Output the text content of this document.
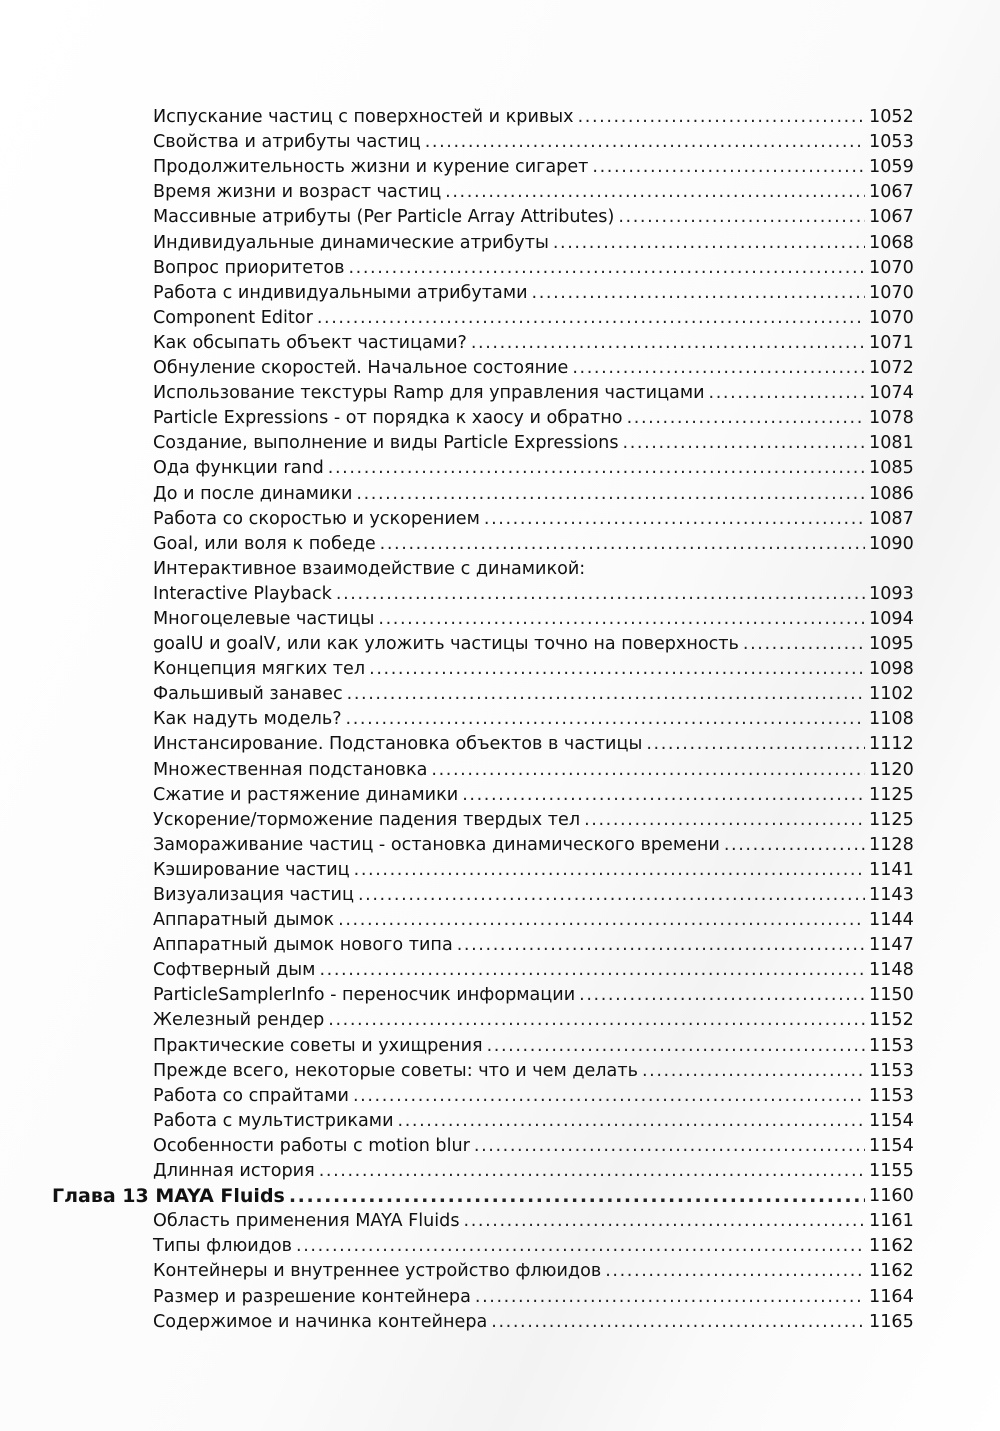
Испускание частиц с поверхностей и кривых .....	1052
Свойства и атрибуты частиц .....	1053
Продолжительность жизни и курение сигарет .....	1059
Время жизни и возраст частиц .....	1067
Массивные атрибуты (Per Particle Array Attributes) .....	1067
Индивидуальные динамические атрибуты .....	1068
Вопрос приоритетов .....	1070
Работа с индивидуальными атрибутами .....	1070
Component Editor .....	1070
Как обсыпать объект частицами? .....	1071
Обнуление скоростей. Начальное состояние .....	1072
Использование текстуры Ramp для управления частицами .....	1074
Particle Expressions - от порядка к хаосу и обратно .....	1078
Создание, выполнение и виды Particle Expressions .....	1081
Ода функции rand .....	1085
До и после динамики .....	1086
Работа со скоростью и ускорением .....	1087
Goal, или воля к победе .....	1090
Интерактивное взаимодействие с динамикой:
Interactive Playback .....	1093
Многоцелевые частицы .....	1094
goalU и goalV, или как уложить частицы точно на поверхность .....	1095
Концепция мягких тел .....	1098
Фальшивый занавес .....	1102
Как надуть модель? .....	1108
Инстансирование. Подстановка объектов в частицы .....	1112
Множественная подстановка .....	1120
Сжатие и растяжение динамики .....	1125
Ускорение/торможение падения твердых тел .....	1125
Замораживание частиц - остановка динамического времени .....	1128
Кэширование частиц .....	1141
Визуализация частиц .....	1143
Аппаратный дымок .....	1144
Аппаратный дымок нового типа .....	1147
Софтверный дым .....	1148
ParticleSamplerInfo - переносчик информации .....	1150
Железный рендер .....	1152
Практические советы и ухищрения .....	1153
Прежде всего, некоторые советы: что и чем делать .....	1153
Работа со спрайтами .....	1153
Работа с мультистриками .....	1154
Особенности работы с motion blur .....	1154
Длинная история .....	1155
Глава 13 MAYA Fluids .....	1160
Область применения MAYA Fluids .....	1161
Типы флюидов .....	1162
Контейнеры и внутреннее устройство флюидов .....	1162
Размер и разрешение контейнера .....	1164
Содержимое и начинка контейнера .....	1165
